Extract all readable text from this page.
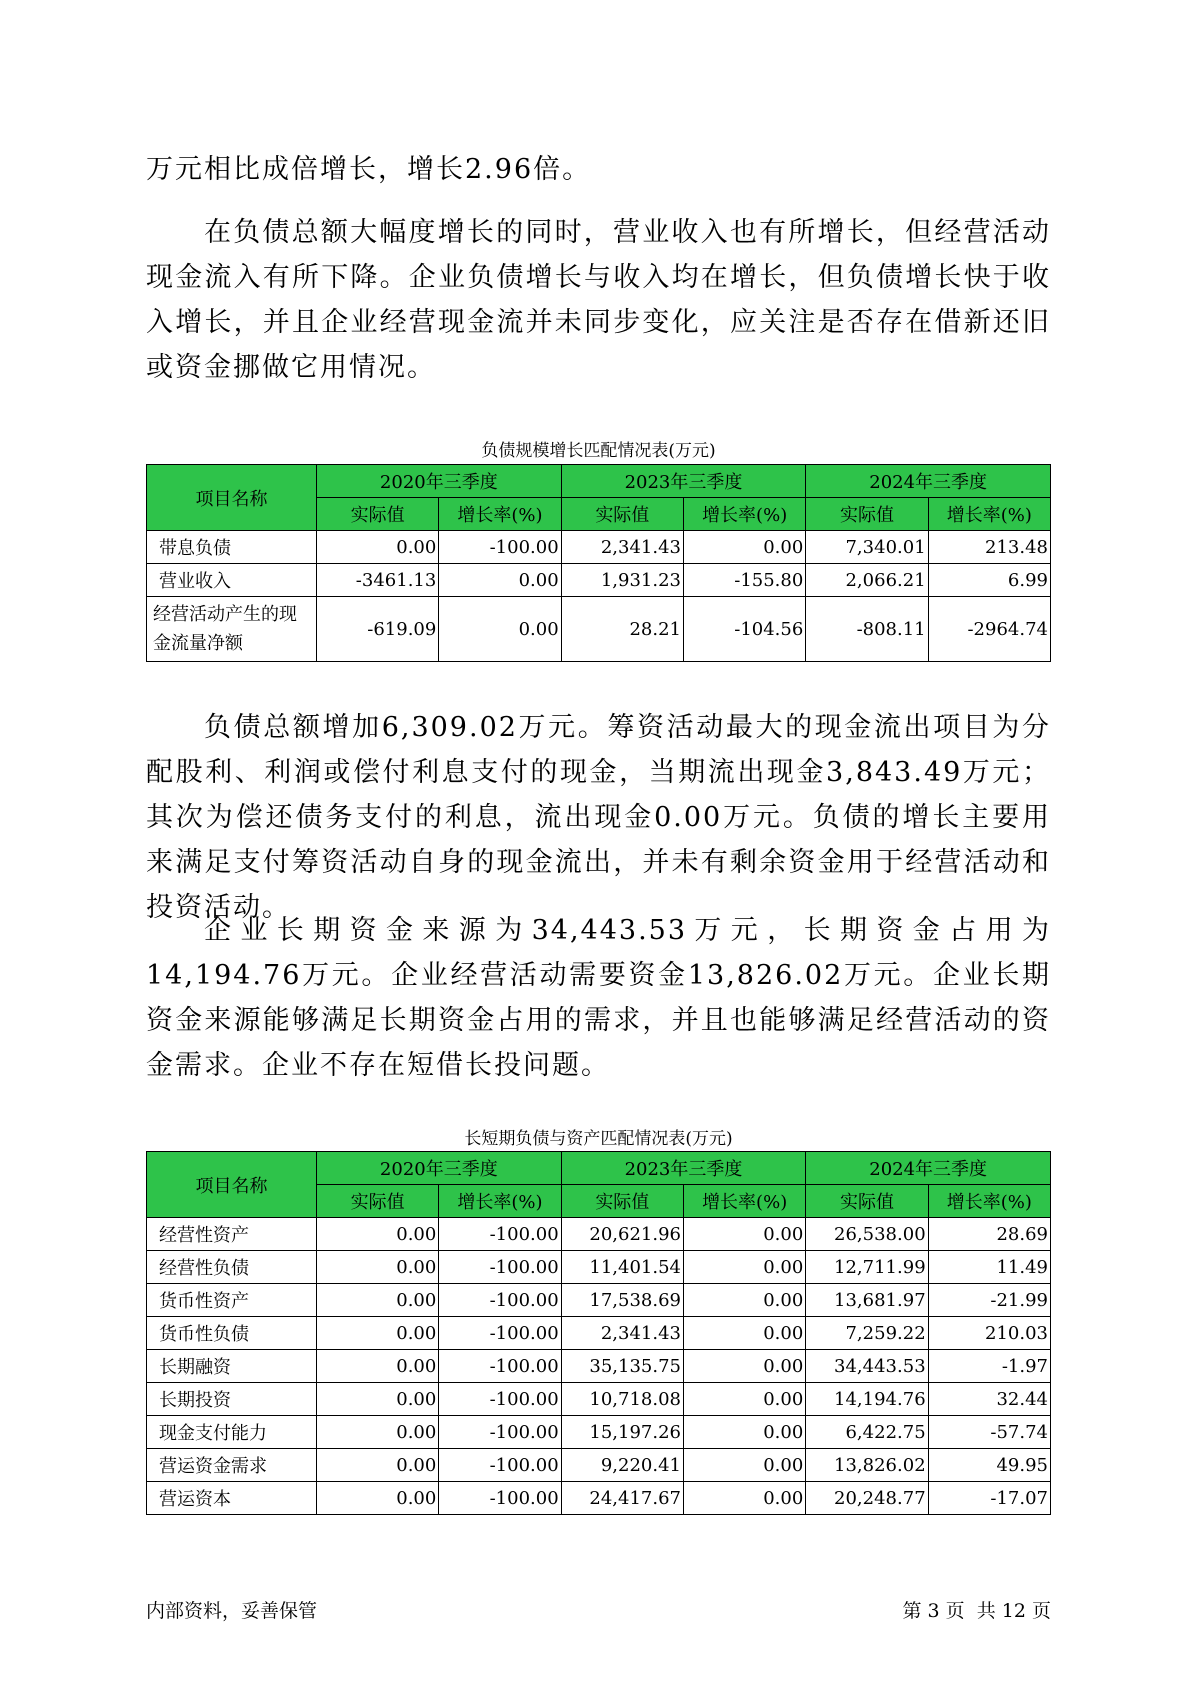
万元相比成倍增长，增长2.96倍。

在负债总额大幅度增长的同时，营业收入也有所增长，但经营活动现金流入有所下降。企业负债增长与收入均在增长，但负债增长快于收入增长，并且企业经营现金流并未同步变化，应关注是否存在借新还旧或资金挪做它用情况。

负债规模增长匹配情况表(万元)

项目名称	2020年三季度		2023年三季度		2024年三季度	
	实际值	增长率(%)	实际值	增长率(%)	实际值	增长率(%)
带息负债	0.00	-100.00	2,341.43	0.00	7,340.01	213.48
营业收入	-3461.13	0.00	1,931.23	-155.80	2,066.21	6.99
经营活动产生的现金流量净额	-619.09	0.00	28.21	-104.56	-808.11	-2964.74

负债总额增加6,309.02万元。筹资活动最大的现金流出项目为分配股利、利润或偿付利息支付的现金，当期流出现金3,843.49万元；其次为偿还债务支付的利息，流出现金0.00万元。负债的增长主要用来满足支付筹资活动自身的现金流出，并未有剩余资金用于经营活动和投资活动。

企业长期资金来源为34,443.53万元，长期资金占用为14,194.76万元。企业经营活动需要资金13,826.02万元。企业长期资金来源能够满足长期资金占用的需求，并且也能够满足经营活动的资金需求。企业不存在短借长投问题。

长短期负债与资产匹配情况表(万元)

项目名称	2020年三季度		2023年三季度		2024年三季度	
	实际值	增长率(%)	实际值	增长率(%)	实际值	增长率(%)
经营性资产	0.00	-100.00	20,621.96	0.00	26,538.00	28.69
经营性负债	0.00	-100.00	11,401.54	0.00	12,711.99	11.49
货币性资产	0.00	-100.00	17,538.69	0.00	13,681.97	-21.99
货币性负债	0.00	-100.00	2,341.43	0.00	7,259.22	210.03
长期融资	0.00	-100.00	35,135.75	0.00	34,443.53	-1.97
长期投资	0.00	-100.00	10,718.08	0.00	14,194.76	32.44
现金支付能力	0.00	-100.00	15,197.26	0.00	6,422.75	-57.74
营运资金需求	0.00	-100.00	9,220.41	0.00	13,826.02	49.95
营运资本	0.00	-100.00	24,417.67	0.00	20,248.77	-17.07

内部资料，妥善保管	第 3 页  共 12 页
